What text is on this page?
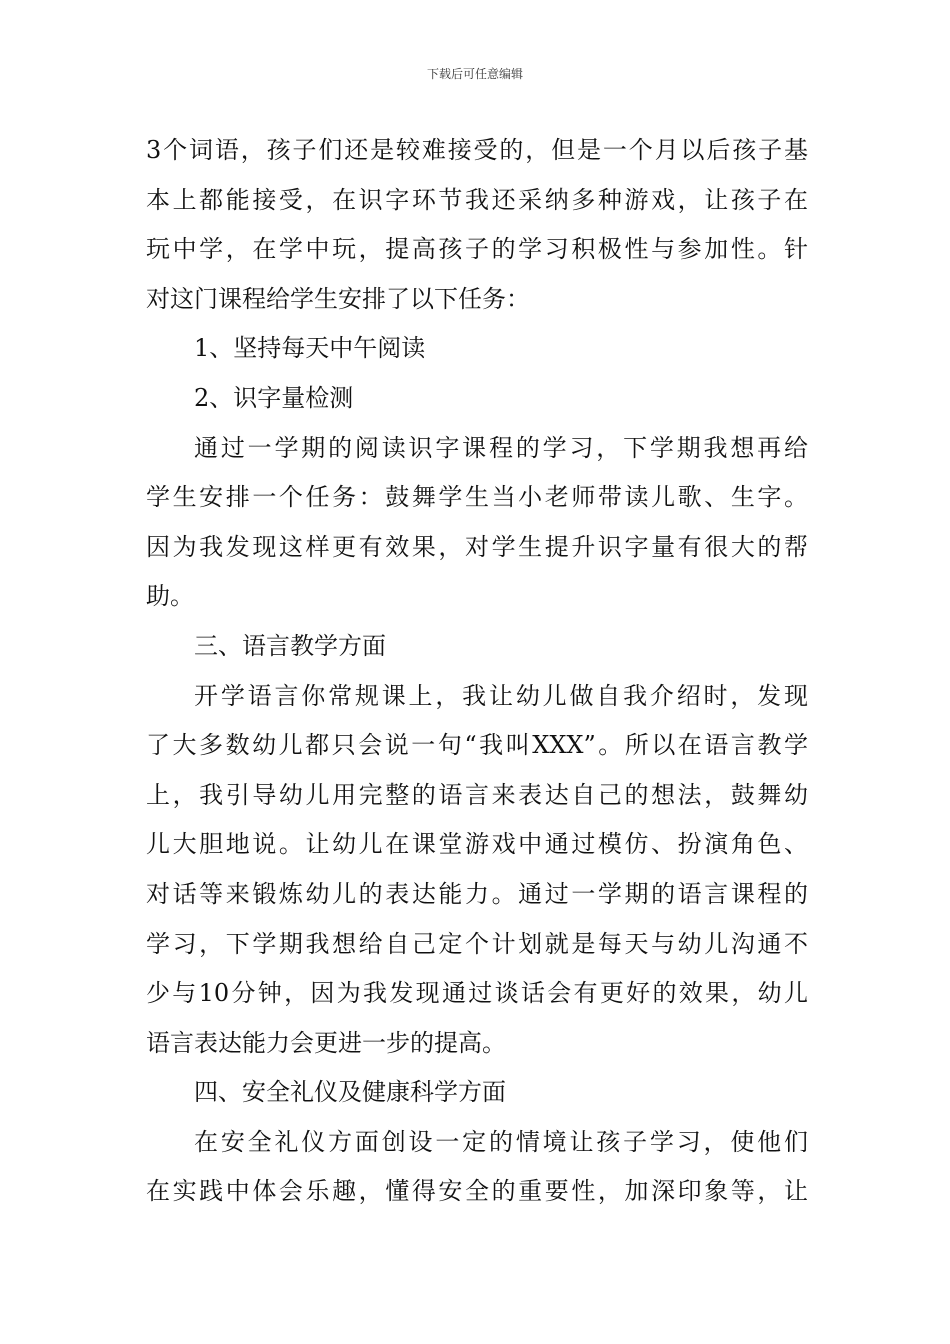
下载后可任意编辑
3个词语，孩子们还是较难接受的，但是一个月以后孩子基
本上都能接受，在识字环节我还采纳多种游戏，让孩子在
玩中学，在学中玩，提高孩子的学习积极性与参加性。针
对这门课程给学生安排了以下任务：
1、坚持每天中午阅读
2、识字量检测
通过一学期的阅读识字课程的学习，下学期我想再给
学生安排一个任务：鼓舞学生当小老师带读儿歌、生字。
因为我发现这样更有效果，对学生提升识字量有很大的帮
助。
三、语言教学方面
开学语言你常规课上，我让幼儿做自我介绍时，发现
了大多数幼儿都只会说一句“我叫XXX”。所以在语言教学
上，我引导幼儿用完整的语言来表达自己的想法，鼓舞幼
儿大胆地说。让幼儿在课堂游戏中通过模仿、扮演角色、
对话等来锻炼幼儿的表达能力。通过一学期的语言课程的
学习，下学期我想给自己定个计划就是每天与幼儿沟通不
少与10分钟，因为我发现通过谈话会有更好的效果，幼儿
语言表达能力会更进一步的提高。
四、安全礼仪及健康科学方面
在安全礼仪方面创设一定的情境让孩子学习，使他们
在实践中体会乐趣，懂得安全的重要性，加深印象等，让
